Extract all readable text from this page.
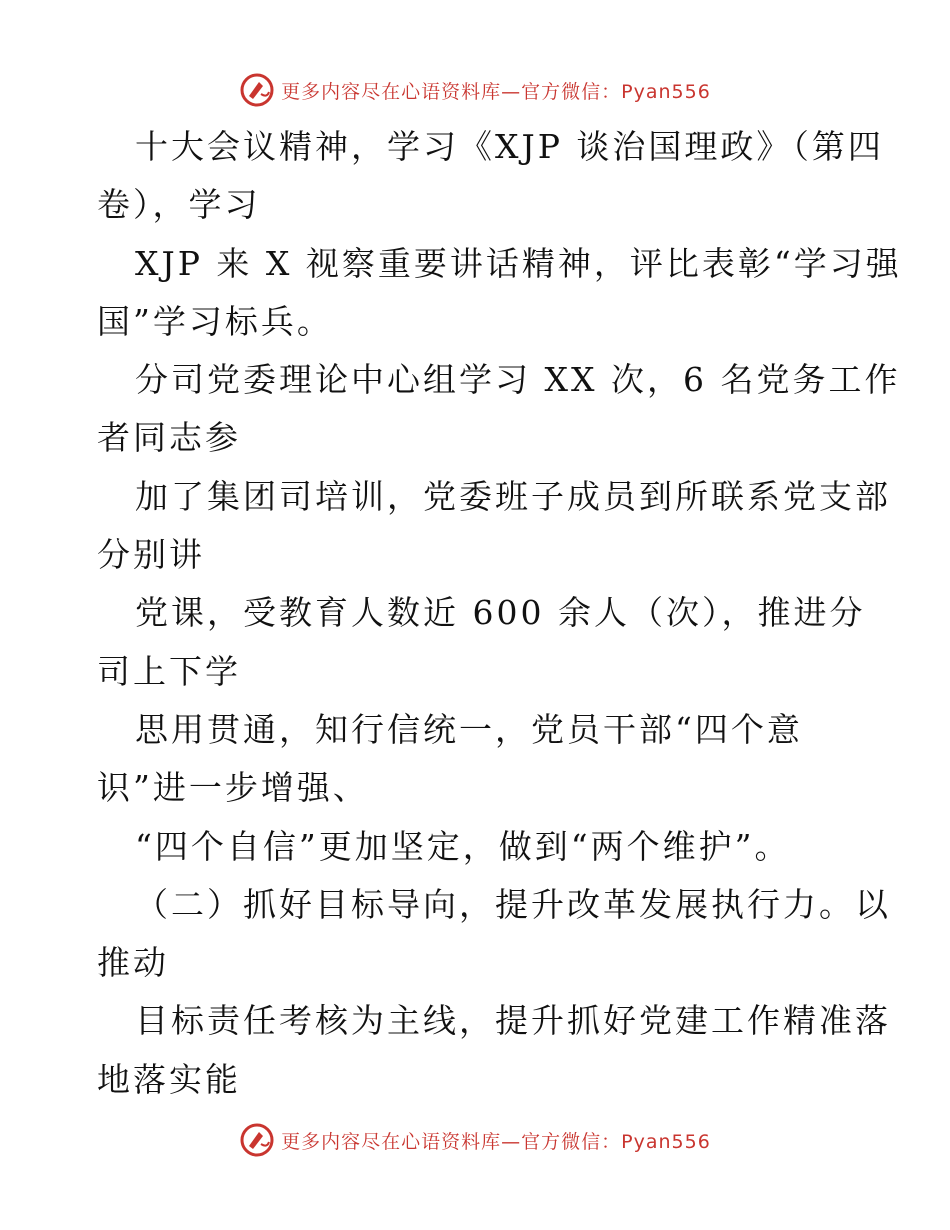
更多内容尽在心语资料库—官方微信：Pyan556
十大会议精神，学习《XJP 谈治国理政》（第四
卷），学习
XJP 来 X 视察重要讲话精神，评比表彰“学习强
国”学习标兵。
分司党委理论中心组学习 XX 次，6 名党务工作
者同志参
加了集团司培训，党委班子成员到所联系党支部
分别讲
党课，受教育人数近 600 余人（次），推进分
司上下学
思用贯通，知行信统一，党员干部“四个意
识”进一步增强、
“四个自信”更加坚定，做到“两个维护”。
（二）抓好目标导向，提升改革发展执行力。以
推动
目标责任考核为主线，提升抓好党建工作精准落
地落实能
更多内容尽在心语资料库—官方微信：Pyan556
